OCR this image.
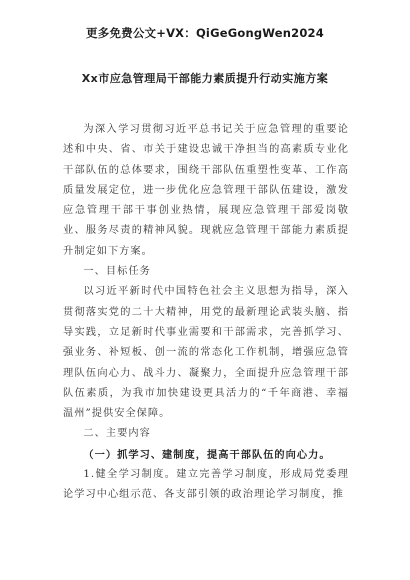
更多免费公文+VX：QiGeGongWen2024
Xx市应急管理局干部能力素质提升行动实施方案

为深入学习贯彻习近平总书记关于应急管理的重要论述和中央、省、市关于建设忠诚干净担当的高素质专业化干部队伍的总体要求，围绕干部队伍重塑性变革、工作高质量发展定位，进一步优化应急管理干部队伍建设，激发应急管理干部干事创业热情，展现应急管理干部爱岗敬业、服务尽责的精神风貌。现就应急管理干部能力素质提升制定如下方案。

一、目标任务

以习近平新时代中国特色社会主义思想为指导，深入贯彻落实党的二十大精神，用党的最新理论武装头脑、指导实践，立足新时代事业需要和干部需求，完善抓学习、强业务、补短板、创一流的常态化工作机制，增强应急管理队伍向心力、战斗力、凝聚力，全面提升应急管理干部队伍素质，为我市加快建设更具活力的“千年商港、幸福温州”提供安全保障。

二、主要内容

（一）抓学习、建制度，提高干部队伍的向心力。

1.健全学习制度。建立完善学习制度，形成局党委理论学习中心组示范、各支部引领的政治理论学习制度，推
